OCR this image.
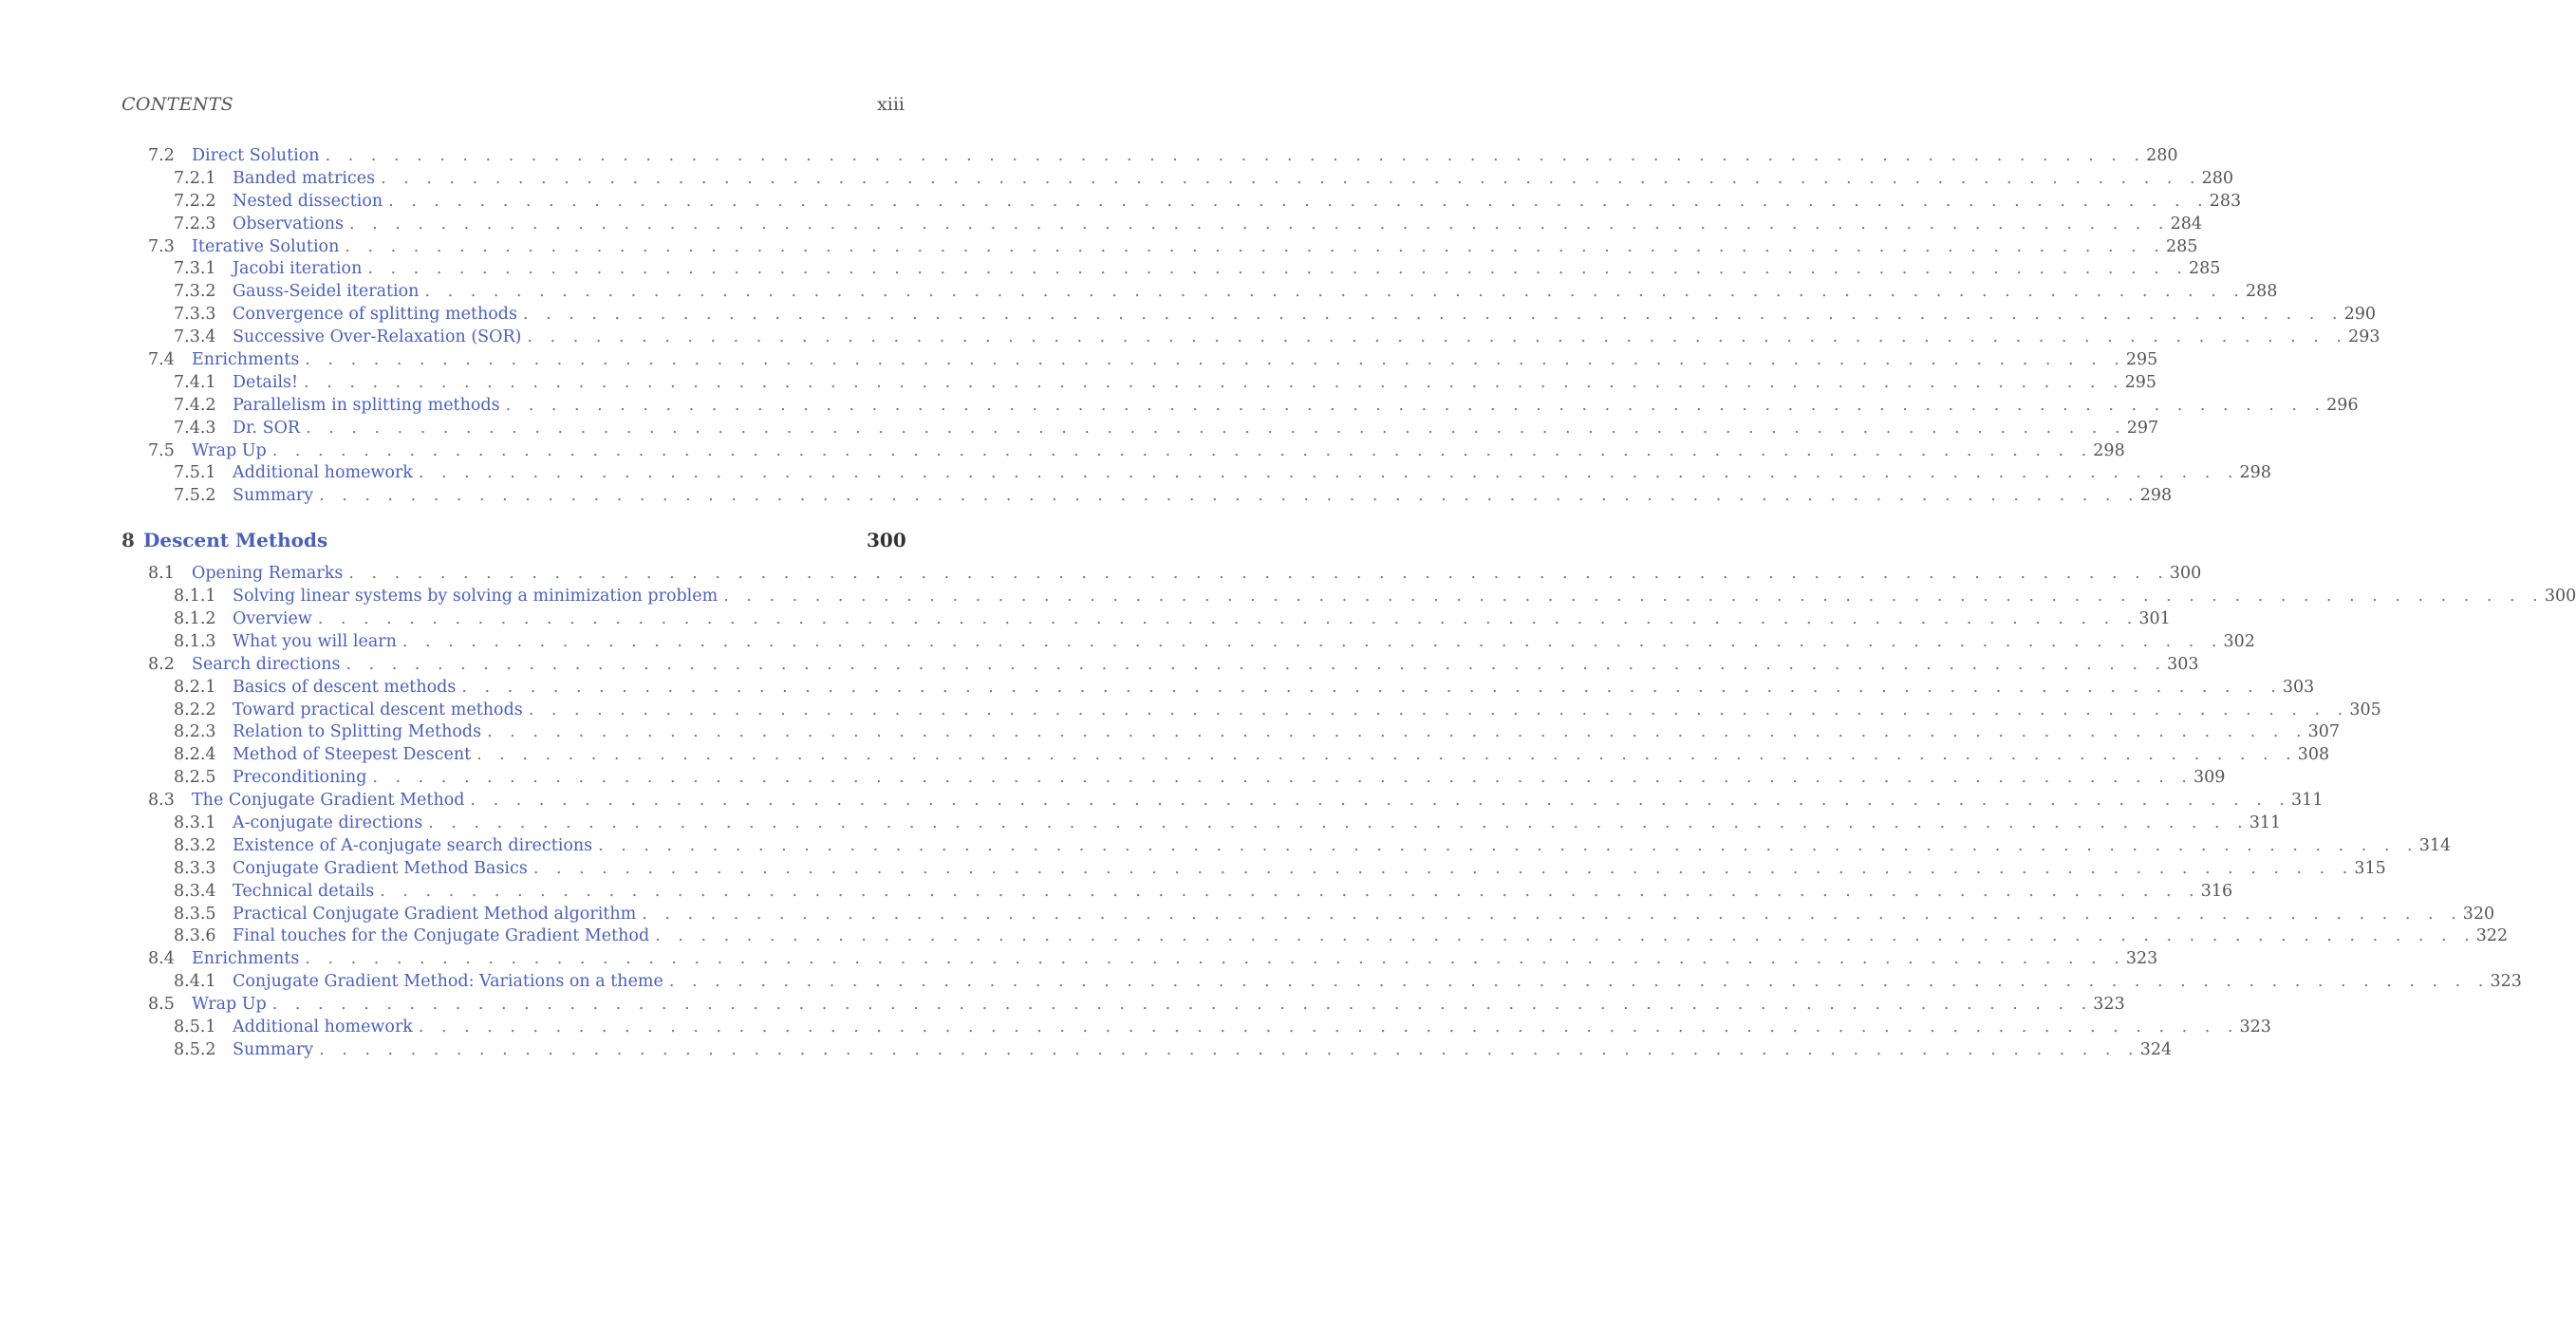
CONTENTS	xiii
7.2	Direct Solution . . . . . . . . . . . . . . . . . . . . . . . . . . . . . . . . . . . . . . . . . . . . . . . . . . . . . . . . . . . . . . . . . . . . . . . . . . . . . . . . 280
7.2.1 Banded matrices . . . . . . . . . . . . . . . . . . . . . . . . . . . . . . . . . . . . . . . . . . . . . . . . . . . . . . . . . . . . . . . . . . . . . . . . . . . . . . . . 280
7.2.2 Nested dissection . . . . . . . . . . . . . . . . . . . . . . . . . . . . . . . . . . . . . . . . . . . . . . . . . . . . . . . . . . . . . . . . . . . . . . . . . . . . . . . . 283
7.2.3 Observations . . . . . . . . . . . . . . . . . . . . . . . . . . . . . . . . . . . . . . . . . . . . . . . . . . . . . . . . . . . . . . . . . . . . . . . . . . . . . . . . 284
7.3	Iterative Solution . . . . . . . . . . . . . . . . . . . . . . . . . . . . . . . . . . . . . . . . . . . . . . . . . . . . . . . . . . . . . . . . . . . . . . . . . . . . . . . . 285
7.3.1 Jacobi iteration . . . . . . . . . . . . . . . . . . . . . . . . . . . . . . . . . . . . . . . . . . . . . . . . . . . . . . . . . . . . . . . . . . . . . . . . . . . . . . . . 285
7.3.2 Gauss-Seidel iteration . . . . . . . . . . . . . . . . . . . . . . . . . . . . . . . . . . . . . . . . . . . . . . . . . . . . . . . . . . . . . . . . . . . . . . . . . . . . . . . . 288
7.3.3 Convergence of splitting methods . . . . . . . . . . . . . . . . . . . . . . . . . . . . . . . . . . . . . . . . . . . . . . . . . . . . . . . . . . . . . . . . . . . . . . . . . . . . . . . . 290
7.3.4 Successive Over-Relaxation (SOR) . . . . . . . . . . . . . . . . . . . . . . . . . . . . . . . . . . . . . . . . . . . . . . . . . . . . . . . . . . . . . . . . . . . . . . . . . . . . . . . . 293
7.4	Enrichments . . . . . . . . . . . . . . . . . . . . . . . . . . . . . . . . . . . . . . . . . . . . . . . . . . . . . . . . . . . . . . . . . . . . . . . . . . . . . . . . 295
7.4.1 Details! . . . . . . . . . . . . . . . . . . . . . . . . . . . . . . . . . . . . . . . . . . . . . . . . . . . . . . . . . . . . . . . . . . . . . . . . . . . . . . . . 295
7.4.2 Parallelism in splitting methods . . . . . . . . . . . . . . . . . . . . . . . . . . . . . . . . . . . . . . . . . . . . . . . . . . . . . . . . . . . . . . . . . . . . . . . . . . . . . . . . 296
7.4.3 Dr. SOR . . . . . . . . . . . . . . . . . . . . . . . . . . . . . . . . . . . . . . . . . . . . . . . . . . . . . . . . . . . . . . . . . . . . . . . . . . . . . . . . 297
7.5	Wrap Up . . . . . . . . . . . . . . . . . . . . . . . . . . . . . . . . . . . . . . . . . . . . . . . . . . . . . . . . . . . . . . . . . . . . . . . . . . . . . . . . 298
7.5.1 Additional homework . . . . . . . . . . . . . . . . . . . . . . . . . . . . . . . . . . . . . . . . . . . . . . . . . . . . . . . . . . . . . . . . . . . . . . . . . . . . . . . . 298
7.5.2 Summary . . . . . . . . . . . . . . . . . . . . . . . . . . . . . . . . . . . . . . . . . . . . . . . . . . . . . . . . . . . . . . . . . . . . . . . . . . . . . . . . 298
8 Descent Methods	300
8.1	Opening Remarks . . . . . . . . . . . . . . . . . . . . . . . . . . . . . . . . . . . . . . . . . . . . . . . . . . . . . . . . . . . . . . . . . . . . . . . . . . . . . . . . 300
8.1.1 Solving linear systems by solving a minimization problem . . . . . . . . . . . . . . . . . . . . . . . . . . . . . . . . . . . . . . . . . . . . . . . . . . . . . . . . . . . . . . . . . . . . . . . . . . . . . . . . 300
8.1.2 Overview . . . . . . . . . . . . . . . . . . . . . . . . . . . . . . . . . . . . . . . . . . . . . . . . . . . . . . . . . . . . . . . . . . . . . . . . . . . . . . . . 301
8.1.3 What you will learn . . . . . . . . . . . . . . . . . . . . . . . . . . . . . . . . . . . . . . . . . . . . . . . . . . . . . . . . . . . . . . . . . . . . . . . . . . . . . . . . 302
8.2	Search directions . . . . . . . . . . . . . . . . . . . . . . . . . . . . . . . . . . . . . . . . . . . . . . . . . . . . . . . . . . . . . . . . . . . . . . . . . . . . . . . . 303
8.2.1 Basics of descent methods . . . . . . . . . . . . . . . . . . . . . . . . . . . . . . . . . . . . . . . . . . . . . . . . . . . . . . . . . . . . . . . . . . . . . . . . . . . . . . . . 303
8.2.2 Toward practical descent methods . . . . . . . . . . . . . . . . . . . . . . . . . . . . . . . . . . . . . . . . . . . . . . . . . . . . . . . . . . . . . . . . . . . . . . . . . . . . . . . . 305
8.2.3 Relation to Splitting Methods . . . . . . . . . . . . . . . . . . . . . . . . . . . . . . . . . . . . . . . . . . . . . . . . . . . . . . . . . . . . . . . . . . . . . . . . . . . . . . . . 307
8.2.4 Method of Steepest Descent . . . . . . . . . . . . . . . . . . . . . . . . . . . . . . . . . . . . . . . . . . . . . . . . . . . . . . . . . . . . . . . . . . . . . . . . . . . . . . . . 308
8.2.5 Preconditioning . . . . . . . . . . . . . . . . . . . . . . . . . . . . . . . . . . . . . . . . . . . . . . . . . . . . . . . . . . . . . . . . . . . . . . . . . . . . . . . . 309
8.3	The Conjugate Gradient Method . . . . . . . . . . . . . . . . . . . . . . . . . . . . . . . . . . . . . . . . . . . . . . . . . . . . . . . . . . . . . . . . . . . . . . . . . . . . . . . . 311
8.3.1 A-conjugate directions . . . . . . . . . . . . . . . . . . . . . . . . . . . . . . . . . . . . . . . . . . . . . . . . . . . . . . . . . . . . . . . . . . . . . . . . . . . . . . . . 311
8.3.2 Existence of A-conjugate search directions . . . . . . . . . . . . . . . . . . . . . . . . . . . . . . . . . . . . . . . . . . . . . . . . . . . . . . . . . . . . . . . . . . . . . . . . . . . . . . . . 314
8.3.3 Conjugate Gradient Method Basics . . . . . . . . . . . . . . . . . . . . . . . . . . . . . . . . . . . . . . . . . . . . . . . . . . . . . . . . . . . . . . . . . . . . . . . . . . . . . . . . 315
8.3.4 Technical details . . . . . . . . . . . . . . . . . . . . . . . . . . . . . . . . . . . . . . . . . . . . . . . . . . . . . . . . . . . . . . . . . . . . . . . . . . . . . . . . 316
8.3.5 Practical Conjugate Gradient Method algorithm . . . . . . . . . . . . . . . . . . . . . . . . . . . . . . . . . . . . . . . . . . . . . . . . . . . . . . . . . . . . . . . . . . . . . . . . . . . . . . . . 320
8.3.6 Final touches for the Conjugate Gradient Method . . . . . . . . . . . . . . . . . . . . . . . . . . . . . . . . . . . . . . . . . . . . . . . . . . . . . . . . . . . . . . . . . . . . . . . . . . . . . . . . 322
8.4	Enrichments . . . . . . . . . . . . . . . . . . . . . . . . . . . . . . . . . . . . . . . . . . . . . . . . . . . . . . . . . . . . . . . . . . . . . . . . . . . . . . . . 323
8.4.1 Conjugate Gradient Method: Variations on a theme . . . . . . . . . . . . . . . . . . . . . . . . . . . . . . . . . . . . . . . . . . . . . . . . . . . . . . . . . . . . . . . . . . . . . . . . . . . . . . . . 323
8.5	Wrap Up . . . . . . . . . . . . . . . . . . . . . . . . . . . . . . . . . . . . . . . . . . . . . . . . . . . . . . . . . . . . . . . . . . . . . . . . . . . . . . . . 323
8.5.1 Additional homework . . . . . . . . . . . . . . . . . . . . . . . . . . . . . . . . . . . . . . . . . . . . . . . . . . . . . . . . . . . . . . . . . . . . . . . . . . . . . . . . 323
8.5.2 Summary . . . . . . . . . . . . . . . . . . . . . . . . . . . . . . . . . . . . . . . . . . . . . . . . . . . . . . . . . . . . . . . . . . . . . . . . . . . . . . . . 324
